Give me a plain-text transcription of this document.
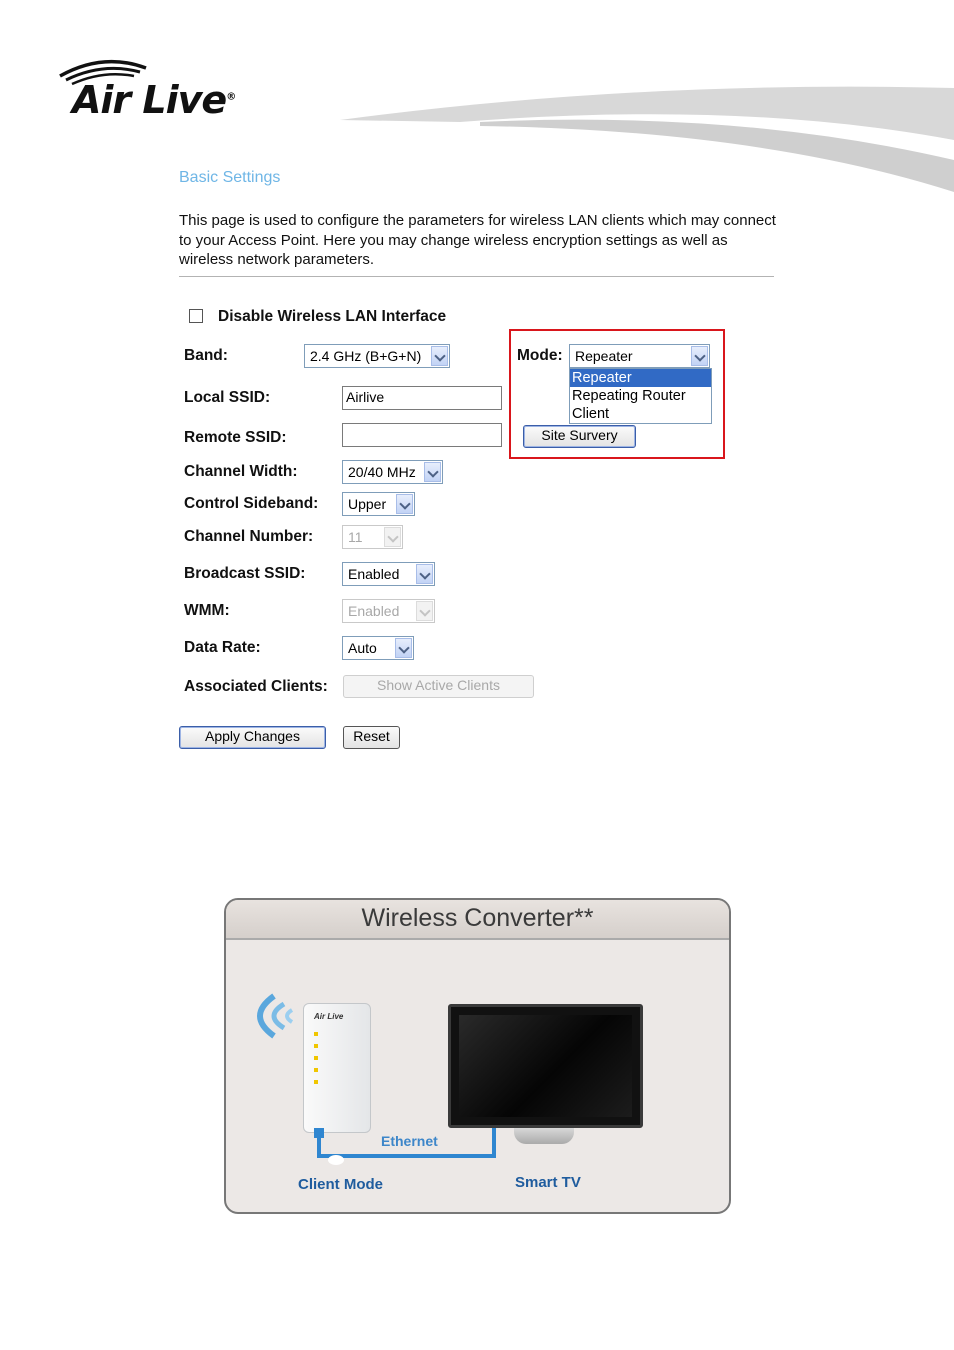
Air Live®
Basic Settings
This page is used to configure the parameters for wireless LAN clients which may connect to your Access Point. Here you may change wireless encryption settings as well as wireless network parameters.
Disable Wireless LAN Interface
Band:	2.4 GHz (B+G+N)	Mode: Repeater
Repeater
Repeating Router
Client
Site Survery
Local SSID:	Airlive
Remote SSID:
Channel Width:	20/40 MHz
Control Sideband:	Upper
Channel Number:	11
Broadcast SSID:	Enabled
WMM:	Enabled
Data Rate:	Auto
Associated Clients:	Show Active Clients
Apply Changes	Reset
Wireless Converter**
Air Live
Ethernet
Client Mode	Smart TV
